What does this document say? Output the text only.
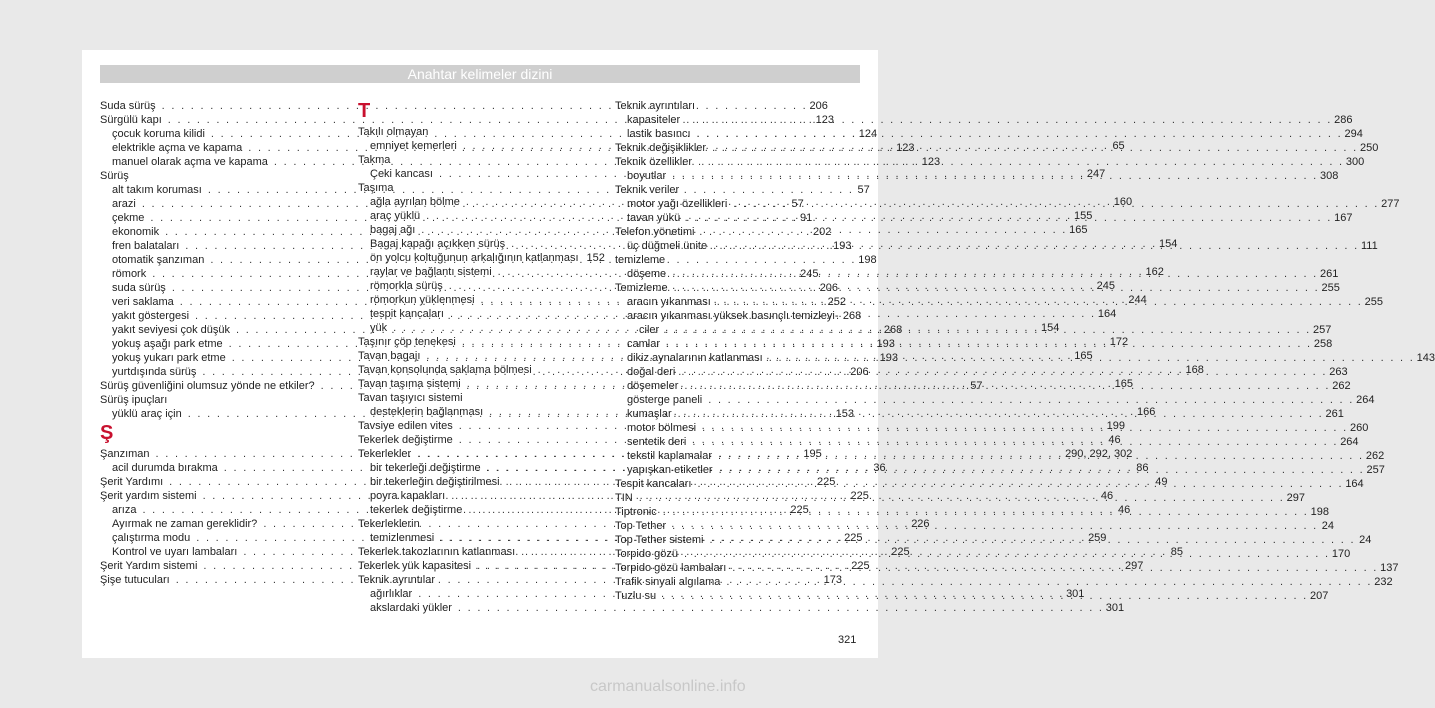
Anahtar kelimeler dizini
Suda sürüş . . .	206
Sürgülü kapı . . .	123
çocuk koruma kilidi . . .	124
elektrikle açma ve kapama . . .	123
manuel olarak açma ve kapama . . .	123
Sürüş
alt takım koruması . . .	57
arazi . . .	57
çekme . . .	91
ekonomik . . .	202
fren balataları . . .	193
otomatik şanzıman . . .	198
römork . . .	245
suda sürüş . . .	206
veri saklama . . .	252
yakıt göstergesi . . .	268
yakıt seviyesi çok düşük . . .	268
yokuş aşağı park etme . . .	193
yokuş yukarı park etme . . .	193
yurtdışında sürüş . . .	206
Sürüş güvenliğini olumsuz yönde ne etkiler? . . .	57
Sürüş ipuçları
yüklü araç için . . .	153
Ş
Şanzıman . . .	195
acil durumda bırakma . . .	36
Şerit Yardımı . . .	225
Şerit yardım sistemi . . .	225
arıza . . .	225
Ayırmak ne zaman gereklidir? . . .	226
çalıştırma modu . . .	225
Kontrol ve uyarı lambaları . . .	225
Şerit Yardım sistemi . . .	225
Şişe tutucuları . . .	173
T
Takılı olmayan
emniyet kemerleri . . .	65
Takma
Çeki kancası . . .	247
Taşıma
ağla ayrılan bölme . . .	160
araç yüklü . . .	155
bagaj ağı . . .	165
Bagaj kapağı açıkken sürüş . . .	154
ön yolcu koltuğunun arkalığının katlanması 152
raylar ve bağlantı sistemi . . .	162
römorkla sürüş . . .	245
römorkun yüklenmesi . . .	244
tespit kancaları . . .	164
yük . . .	154
Taşınır çöp tenekesi . . .	172
Tavan bagajı . . .	165
Tavan konsolunda saklama bölmesi . . .	168
Tavan taşıma sistemi . . .	165
Tavan taşıyıcı sistemi
desteklerin bağlanması . . .	166
Tavsiye edilen vites . . .	199
Tekerlek değiştirme . . .	46
Tekerlekler . . .	290, 292, 302
bir tekerleği değiştirme . . .	86
bir tekerleğin değiştirilmesi . . .	49
poyra kapakları . . .	46
tekerlek değiştirme . . .	46
Tekerleklerin
temizlenmesi . . .	259
Tekerlek takozlarının katlanması . . .	85
Tekerlek yük kapasitesi . . .	297
Teknik ayrıntılar
ağırlıklar . . .	301
akslardaki yükler . . .	301
Teknik ayrıntıları
kapasiteler . . .	286
lastik basıncı . . .	294
Teknik değişiklikler . . .	250
Teknik özellikler . . .	300
boyutlar . . .	308
Teknik veriler
motor yağı özellikleri . . .	277
tavan yükü . . .	167
Telefon yönetimi
üç düğmeli ünite . . .	111
temizleme
döşeme . . .	261
Temizleme . . .	255
aracın yıkanması . . .	255
aracın yıkanması yüksek basınçlı temizleyi-
ciler . . .	257
camlar . . .	258
dikiz aynalarının katlanması . . .	143
doğal deri . . .	263
döşemeler . . .	262
gösterge paneli . . .	264
kumaşlar . . .	261
motor bölmesi . . .	260
sentetik deri . . .	264
tekstil kaplamalar . . .	262
yapışkan etiketler . . .	257
Tespit kancaları . . .	164
TIN . . .	297
Tiptronic . . .	198
Top Tether . . .	24
Top Tether sistemi . . .	24
Torpido gözü . . .	170
Torpido gözü lambaları . . .	137
Trafik sinyali algılama . . .	232
Tuzlu su . . .	207
321
carmanualsonline.info
